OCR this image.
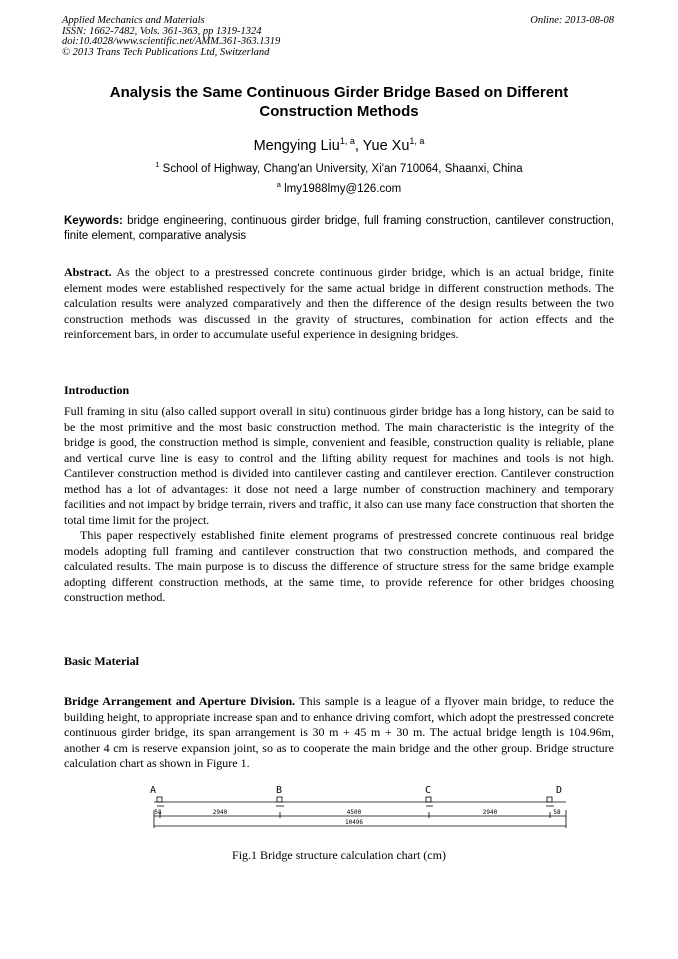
Applied Mechanics and Materials
ISSN: 1662-7482, Vols. 361-363, pp 1319-1324
doi:10.4028/www.scientific.net/AMM.361-363.1319
© 2013 Trans Tech Publications Ltd, Switzerland
Online: 2013-08-08
Analysis the Same Continuous Girder Bridge Based on Different
Construction Methods
Mengying Liu$^{1, a}$, Yue Xu$^{1, a}$
$^1$ School of Highway, Chang'an University, Xi'an 710064, Shaanxi, China
$^a$ lmy1988lmy@126.com
Keywords: bridge engineering, continuous girder bridge, full framing construction, cantilever construction, finite element, comparative analysis
Abstract. As the object to a prestressed concrete continuous girder bridge, which is an actual bridge, finite element modes were established respectively for the same actual bridge in different construction methods. The calculation results were analyzed comparatively and then the difference of the design results between the two construction methods was discussed in the gravity of structures, combination for action effects and the reinforcement bars, in order to accumulate useful experience in designing bridges.
Introduction
Full framing in situ (also called support overall in situ) continuous girder bridge has a long history, can be said to be the most primitive and the most basic construction method. The main characteristic is the integrity of the bridge is good, the construction method is simple, convenient and feasible, construction quality is reliable, plane and vertical curve line is easy to control and the lifting ability request for machines and tools is not high. Cantilever construction method is divided into cantilever casting and cantilever erection. Cantilever construction method has a lot of advantages: it dose not need a large number of construction machinery and temporary facilities and not impact by bridge terrain, rivers and traffic, it also can use many face construction that shorten the total time limit for the project.
This paper respectively established finite element programs of prestressed concrete continuous real bridge models adopting full framing and cantilever construction that two construction methods, and compared the calculated results. The main purpose is to discuss the difference of structure stress for the same bridge example adopting different construction methods, at the same time, to provide reference for other bridges choosing construction method.
Basic Material
Bridge Arrangement and Aperture Division. This sample is a league of a flyover main bridge, to reduce the building height, to appropriate increase span and to enhance driving comfort, which adopt the prestressed concrete continuous girder bridge, its span arrangement is 30 m + 45 m + 30 m. The actual bridge length is 104.96m, another 4 cm is reserve expansion joint, so as to cooperate the main bridge and the other group. Bridge structure calculation chart as shown in Figure 1.
A	B	C	D
58	2940	4500	2940	58
10496
Fig.1 Bridge structure calculation chart (cm)
